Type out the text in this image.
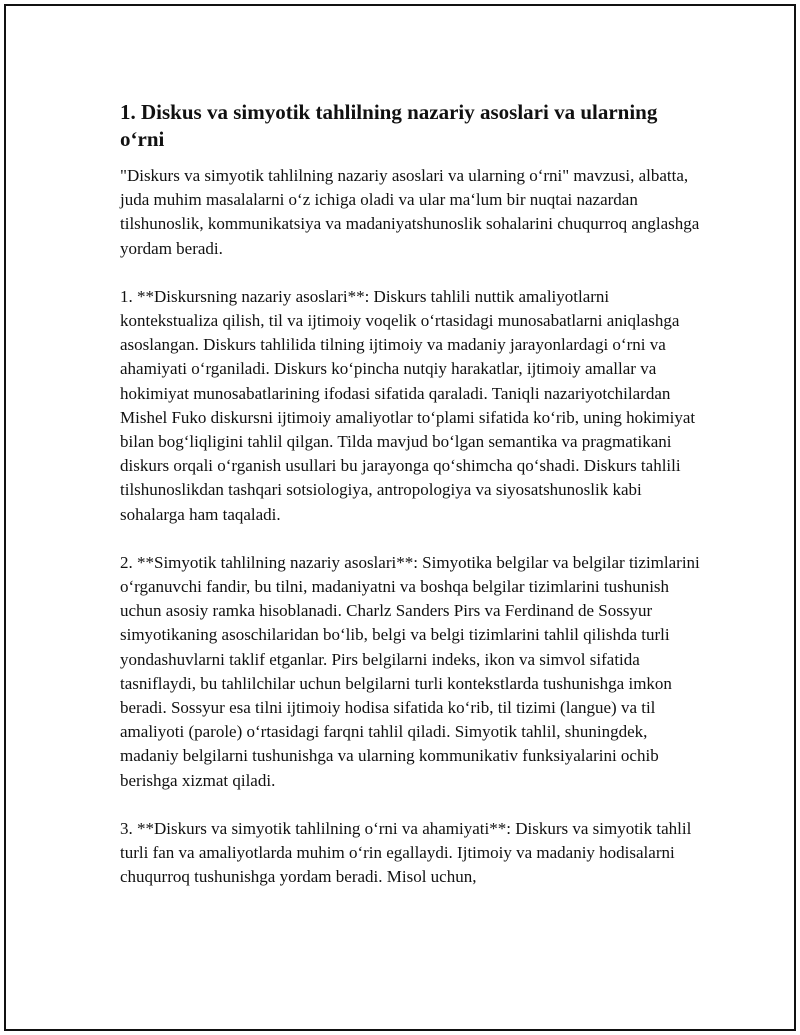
1. Diskus va simyotik tahlilning nazariy asoslari va ularning o‘rni

"Diskurs va simyotik tahlilning nazariy asoslari va ularning o‘rni" mavzusi, albatta, juda muhim masalalarni o‘z ichiga oladi va ular ma‘lum bir nuqtai nazardan tilshunoslik, kommunikatsiya va madaniyatshunoslik sohalarini chuqurroq anglashga yordam beradi.

1. **Diskursning nazariy asoslari**: Diskurs tahlili nuttik amaliyotlarni kontekstualiza qilish, til va ijtimoiy voqelik o‘rtasidagi munosabatlarni aniqlashga asoslangan. Diskurs tahlilida tilning ijtimoiy va madaniy jarayonlardagi o‘rni va ahamiyati o‘rganiladi. Diskurs ko‘pincha nutqiy harakatlar, ijtimoiy amallar va hokimiyat munosabatlarining ifodasi sifatida qaraladi. Taniqli nazariyotchilardan Mishel Fuko diskursni ijtimoiy amaliyotlar to‘plami sifatida ko‘rib, uning hokimiyat bilan bog‘liqligini tahlil qilgan. Tilda mavjud bo‘lgan semantika va pragmatikani diskurs orqali o‘rganish usullari bu jarayonga qo‘shimcha qo‘shadi. Diskurs tahlili tilshunoslikdan tashqari sotsiologiya, antropologiya va siyosatshunoslik kabi sohalarga ham taqaladi.

2. **Simyotik tahlilning nazariy asoslari**: Simyotika belgilar va belgilar tizimlarini o‘rganuvchi fandir, bu tilni, madaniyatni va boshqa belgilar tizimlarini tushunish uchun asosiy ramka hisoblanadi. Charlz Sanders Pirs va Ferdinand de Sossyur simyotikaning asoschilaridan bo‘lib, belgi va belgi tizimlarini tahlil qilishda turli yondashuvlarni taklif etganlar. Pirs belgilarni indeks, ikon va simvol sifatida tasniflaydi, bu tahlilchilar uchun belgilarni turli kontekstlarda tushunishga imkon beradi. Sossyur esa tilni ijtimoiy hodisa sifatida ko‘rib, til tizimi (langue) va til amaliyoti (parole) o‘rtasidagi farqni tahlil qiladi. Simyotik tahlil, shuningdek, madaniy belgilarni tushunishga va ularning kommunikativ funksiyalarini ochib berishga xizmat qiladi.

3. **Diskurs va simyotik tahlilning o‘rni va ahamiyati**: Diskurs va simyotik tahlil turli fan va amaliyotlarda muhim o‘rin egallaydi. Ijtimoiy va madaniy hodisalarni chuqurroq tushunishga yordam beradi. Misol uchun,
